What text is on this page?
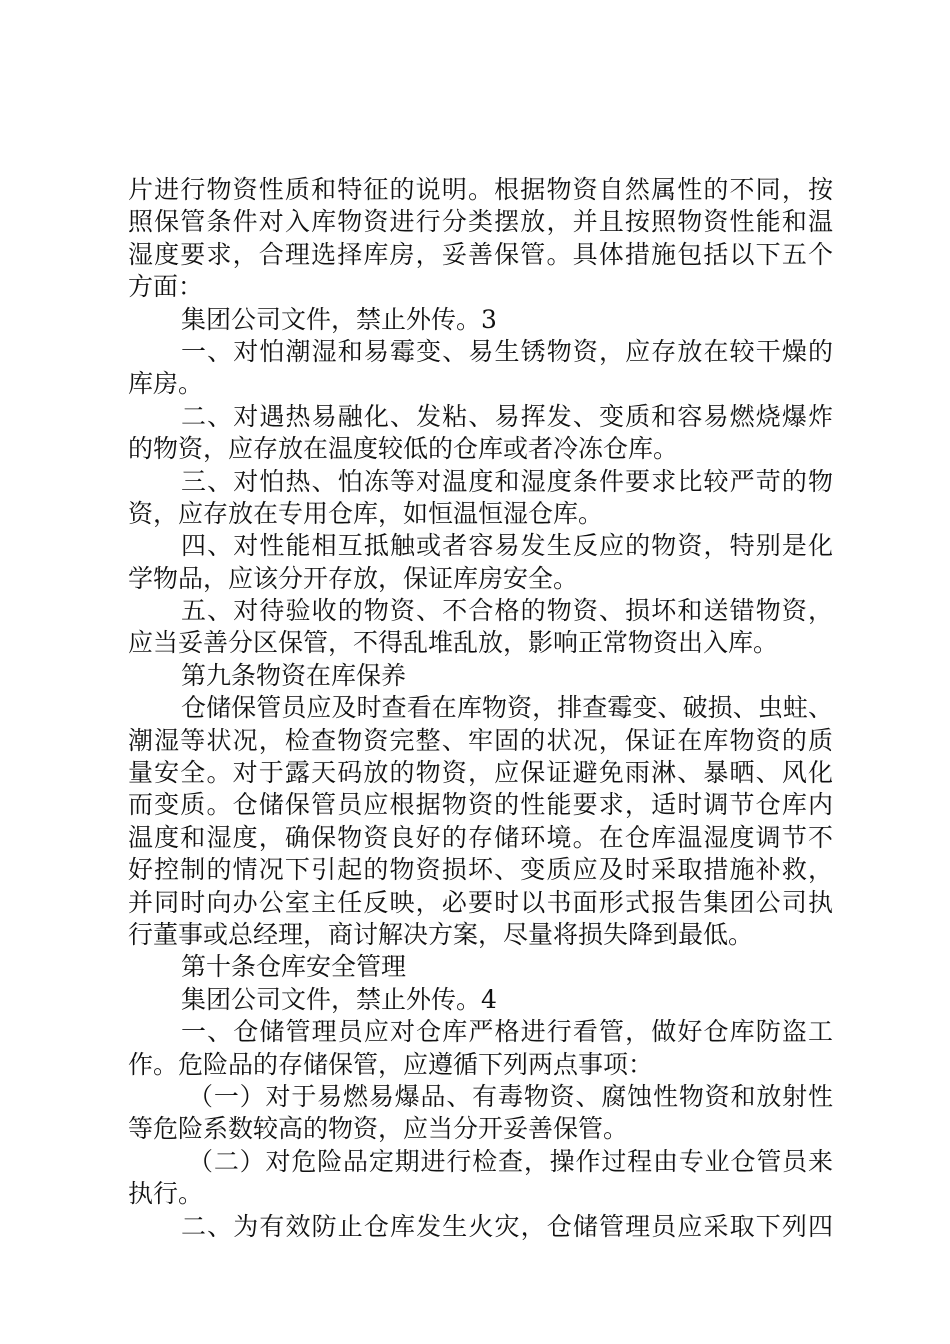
片进行物资性质和特征的说明。根据物资自然属性的不同，按
照保管条件对入库物资进行分类摆放，并且按照物资性能和温
湿度要求，合理选择库房，妥善保管。具体措施包括以下五个
方面：
集团公司文件，禁止外传。3
一、对怕潮湿和易霉变、易生锈物资，应存放在较干燥的
库房。
二、对遇热易融化、发粘、易挥发、变质和容易燃烧爆炸
的物资，应存放在温度较低的仓库或者冷冻仓库。
三、对怕热、怕冻等对温度和湿度条件要求比较严苛的物
资，应存放在专用仓库，如恒温恒湿仓库。
四、对性能相互抵触或者容易发生反应的物资，特别是化
学物品，应该分开存放，保证库房安全。
五、对待验收的物资、不合格的物资、损坏和送错物资，
应当妥善分区保管，不得乱堆乱放，影响正常物资出入库。
第九条物资在库保养
仓储保管员应及时查看在库物资，排查霉变、破损、虫蛀、
潮湿等状况，检查物资完整、牢固的状况，保证在库物资的质
量安全。对于露天码放的物资，应保证避免雨淋、暴晒、风化
而变质。仓储保管员应根据物资的性能要求，适时调节仓库内
温度和湿度，确保物资良好的存储环境。在仓库温湿度调节不
好控制的情况下引起的物资损坏、变质应及时采取措施补救，
并同时向办公室主任反映，必要时以书面形式报告集团公司执
行董事或总经理，商讨解决方案，尽量将损失降到最低。
第十条仓库安全管理
集团公司文件，禁止外传。4
一、仓储管理员应对仓库严格进行看管，做好仓库防盗工
作。危险品的存储保管，应遵循下列两点事项：
（一）对于易燃易爆品、有毒物资、腐蚀性物资和放射性
等危险系数较高的物资，应当分开妥善保管。
（二）对危险品定期进行检查，操作过程由专业仓管员来
执行。
二、为有效防止仓库发生火灾，仓储管理员应采取下列四
